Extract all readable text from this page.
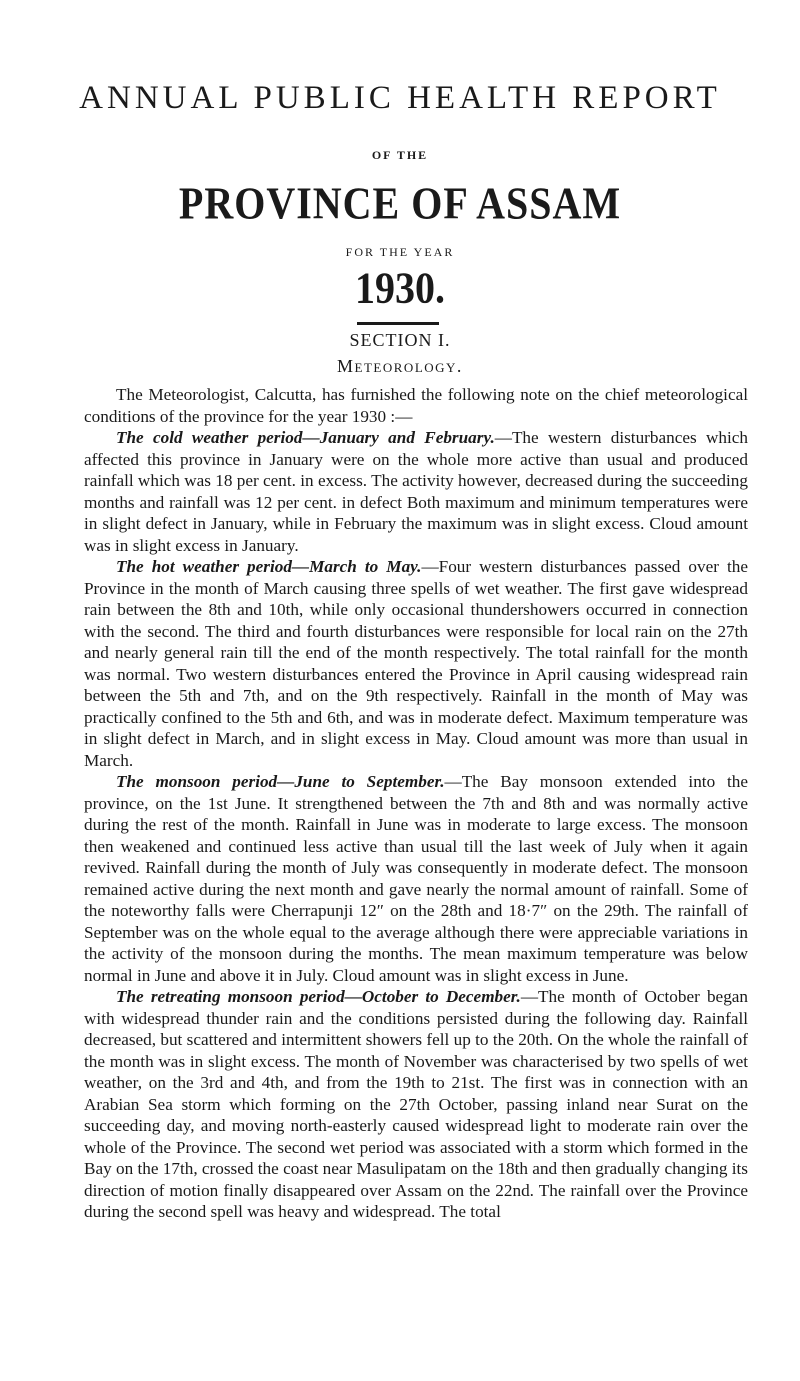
ANNUAL PUBLIC HEALTH REPORT
OF THE
PROVINCE OF ASSAM
FOR THE YEAR
1930.
SECTION I.
Meteorology.

The Meteorologist, Calcutta, has furnished the following note on the chief meteorological conditions of the province for the year 1930 :—

The cold weather period—January and February.—The western disturbances which affected this province in January were on the whole more active than usual and produced rainfall which was 18 per cent. in excess. The activity however, decreased during the succeeding months and rainfall was 12 per cent. in defect Both maximum and minimum temperatures were in slight defect in January, while in February the maximum was in slight excess. Cloud amount was in slight excess in January.

The hot weather period—March to May.—Four western disturbances passed over the Province in the month of March causing three spells of wet weather. The first gave widespread rain between the 8th and 10th, while only occasional thundershowers occurred in connection with the second. The third and fourth disturbances were responsible for local rain on the 27th and nearly general rain till the end of the month respectively. The total rainfall for the month was normal. Two western disturbances entered the Province in April causing widespread rain between the 5th and 7th, and on the 9th respectively. Rainfall in the month of May was practically confined to the 5th and 6th, and was in moderate defect. Maximum temperature was in slight defect in March, and in slight excess in May. Cloud amount was more than usual in March.

The monsoon period—June to September.—The Bay monsoon extended into the province, on the 1st June. It strengthened between the 7th and 8th and was normally active during the rest of the month. Rainfall in June was in moderate to large excess. The monsoon then weakened and continued less active than usual till the last week of July when it again revived. Rainfall during the month of July was consequently in moderate defect. The monsoon remained active during the next month and gave nearly the normal amount of rainfall. Some of the noteworthy falls were Cherrapunji 12″ on the 28th and 18·7″ on the 29th. The rainfall of September was on the whole equal to the average although there were appreciable variations in the activity of the monsoon during the months. The mean maximum temperature was below normal in June and above it in July. Cloud amount was in slight excess in June.

The retreating monsoon period—October to December.—The month of October began with widespread thunder rain and the conditions persisted during the following day. Rainfall decreased, but scattered and intermittent showers fell up to the 20th. On the whole the rainfall of the month was in slight excess. The month of November was characterised by two spells of wet weather, on the 3rd and 4th, and from the 19th to 21st. The first was in connection with an Arabian Sea storm which forming on the 27th October, passing inland near Surat on the succeeding day, and moving north-easterly caused widespread light to moderate rain over the whole of the Province. The second wet period was associated with a storm which formed in the Bay on the 17th, crossed the coast near Masulipatam on the 18th and then gradually changing its direction of motion finally disappeared over Assam on the 22nd. The rainfall over the Province during the second spell was heavy and widespread. The total
